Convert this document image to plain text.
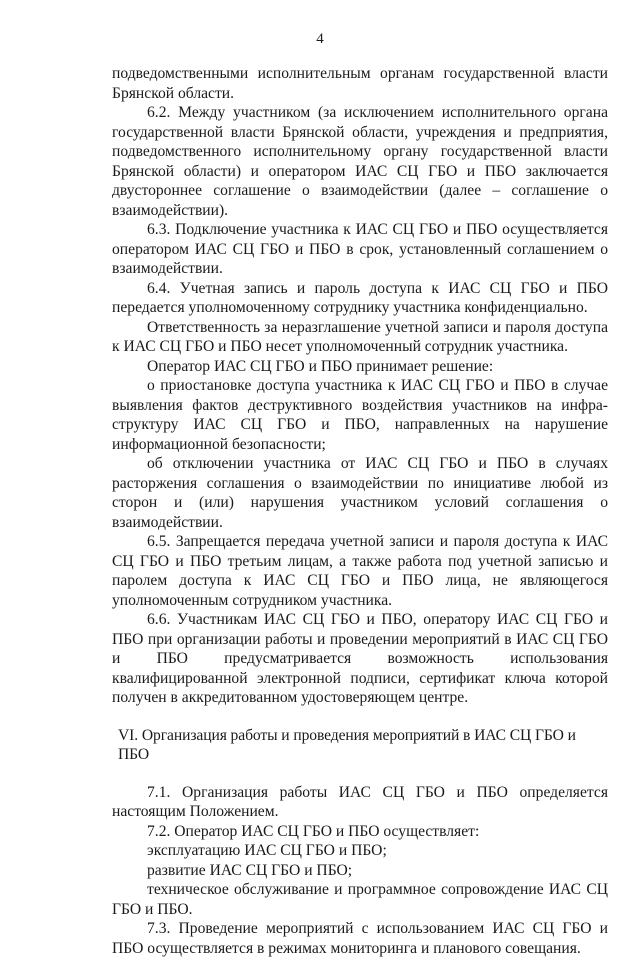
4

подведомственными исполнительным органам государственной власти Брянской области.

6.2. Между участником (за исключением исполнительного органа государственной власти Брянской области, учреждения и предприятия, подведомственного исполнительному органу государственной власти Брянской области) и оператором ИАС СЦ ГБО и ПБО заключается двустороннее соглашение о взаимодействии (далее – соглашение о взаимодействии).

6.3. Подключение участника к ИАС СЦ ГБО и ПБО осуществляется оператором ИАС СЦ ГБО и ПБО в срок, установленный соглашением о взаимодействии.

6.4. Учетная запись и пароль доступа к ИАС СЦ ГБО и ПБО передается уполномоченному сотруднику участника конфиденциально.

Ответственность за неразглашение учетной записи и пароля доступа к ИАС СЦ ГБО и ПБО несет уполномоченный сотрудник участника.

Оператор ИАС СЦ ГБО и ПБО принимает решение:

о приостановке доступа участника к ИАС СЦ ГБО и ПБО в случае выявления фактов деструктивного воздействия участников на инфраструктуру ИАС СЦ ГБО и ПБО, направленных на нарушение информационной безопасности;

об отключении участника от ИАС СЦ ГБО и ПБО в случаях расторжения соглашения о взаимодействии по инициативе любой из сторон и (или) нарушения участником условий соглашения о взаимодействии.

6.5. Запрещается передача учетной записи и пароля доступа к ИАС СЦ ГБО и ПБО третьим лицам, а также работа под учетной записью и паролем доступа к ИАС СЦ ГБО и ПБО лица, не являющегося уполномоченным сотрудником участника.

6.6. Участникам ИАС СЦ ГБО и ПБО, оператору ИАС СЦ ГБО и ПБО при организации работы и проведении мероприятий в ИАС СЦ ГБО и ПБО предусматривается возможность использования квалифицированной электронной подписи, сертификат ключа которой получен в аккредитованном удостоверяющем центре.

VI. Организация работы и проведения мероприятий в ИАС СЦ ГБО и ПБО

7.1. Организация работы ИАС СЦ ГБО и ПБО определяется настоящим Положением.

7.2. Оператор ИАС СЦ ГБО и ПБО осуществляет:

эксплуатацию ИАС СЦ ГБО и ПБО;

развитие ИАС СЦ ГБО и ПБО;

техническое обслуживание и программное сопровождение ИАС СЦ ГБО и ПБО.

7.3. Проведение мероприятий с использованием ИАС СЦ ГБО и ПБО осуществляется в режимах мониторинга и планового совещания.
